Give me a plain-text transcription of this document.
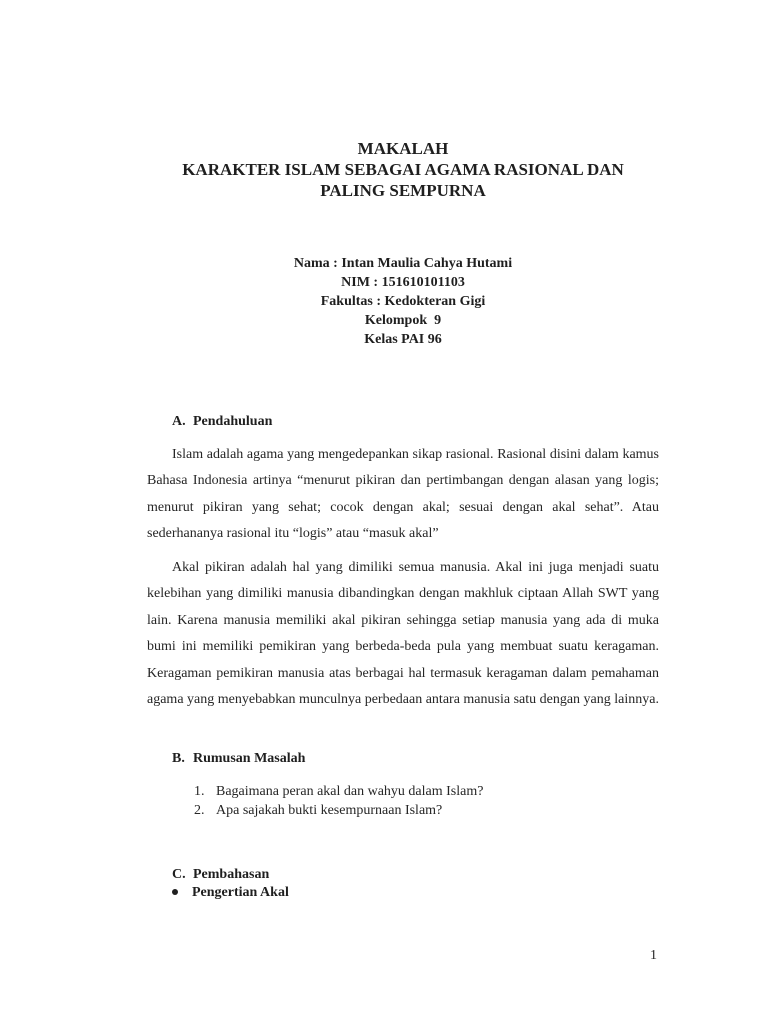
MAKALAH
KARAKTER ISLAM SEBAGAI AGAMA RASIONAL DAN
PALING SEMPURNA
Nama : Intan Maulia Cahya Hutami
NIM : 151610101103
Fakultas : Kedokteran Gigi
Kelompok  9
Kelas PAI 96
A. Pendahuluan
Islam adalah agama yang mengedepankan sikap rasional. Rasional disini dalam kamus Bahasa Indonesia artinya “menurut pikiran dan pertimbangan dengan alasan yang logis; menurut pikiran yang sehat; cocok dengan akal; sesuai dengan akal sehat”. Atau sederhananya rasional itu “logis” atau “masuk akal”
Akal pikiran adalah hal yang dimiliki semua manusia. Akal ini juga menjadi suatu kelebihan yang dimiliki manusia dibandingkan dengan makhluk ciptaan Allah SWT yang lain. Karena manusia memiliki akal pikiran sehingga setiap manusia yang ada di muka bumi ini memiliki pemikiran yang berbeda-beda pula yang membuat suatu keragaman. Keragaman pemikiran manusia atas berbagai hal termasuk keragaman dalam pemahaman agama yang menyebabkan munculnya perbedaan antara manusia satu dengan yang lainnya.
B. Rumusan Masalah
1. Bagaimana peran akal dan wahyu dalam Islam?
2. Apa sajakah bukti kesempurnaan Islam?
C. Pembahasan
Pengertian Akal
1
